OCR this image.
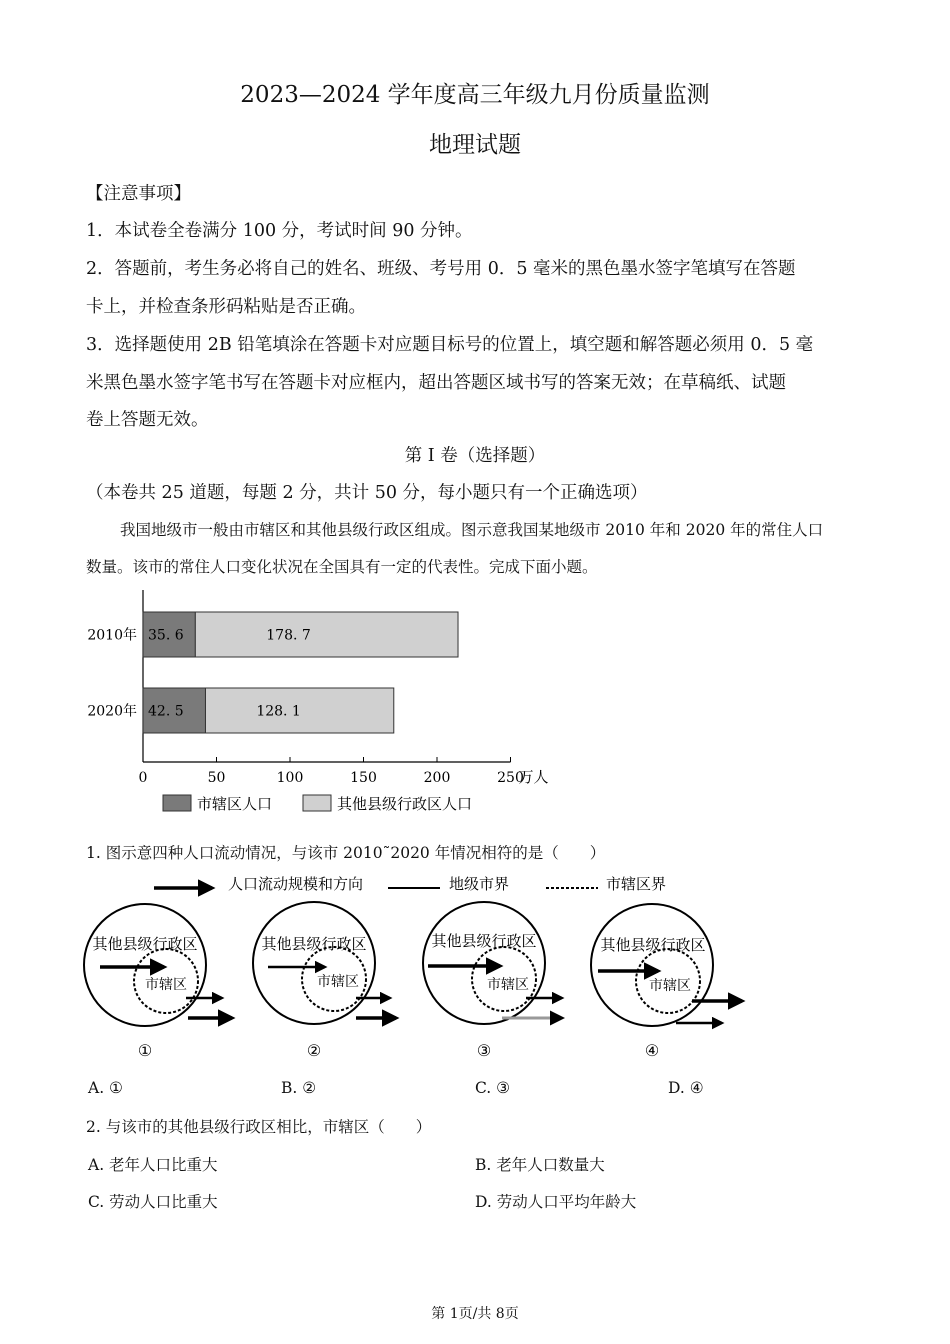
2023—2024 学年度高三年级九月份质量监测
地理试题
【注意事项】
1．本试卷全卷满分 100 分，考试时间 90 分钟。
2．答题前，考生务必将自己的姓名、班级、考号用 0．5 毫米的黑色墨水签字笔填写在答题
卡上，并检查条形码粘贴是否正确。
3．选择题使用 2B 铅笔填涂在答题卡对应题目标号的位置上，填空题和解答题必须用 0．5 毫
米黑色墨水签字笔书写在答题卡对应框内，超出答题区域书写的答案无效；在草稿纸、试题
卷上答题无效。
第 I 卷（选择题）
（本卷共 25 道题，每题 2 分，共计 50 分，每小题只有一个正确选项）
我国地级市一般由市辖区和其他县级行政区组成。图示意我国某地级市 2010 年和 2020 年的常住人口
数量。该市的常住人口变化状况在全国具有一定的代表性。完成下面小题。
0	50	100	150	200	250
万人
2010年 35. 6	178. 7
2020年 42. 5	128. 1
市辖区人口	其他县级行政区人口
1. 图示意四种人口流动情况，与该市 2010˜2020 年情况相符的是（　　）
人口流动规模和方向	地级市界	市辖区界
其他县级行政区
市辖区
①
其他县级行政区
市辖区
②
其他县级行政区
市辖区
③
其他县级行政区
市辖区
④
A. ①	B. ②	C. ③	D. ④
2. 与该市的其他县级行政区相比，市辖区（　　）
A. 老年人口比重大	B. 老年人口数量大
C. 劳动人口比重大	D. 劳动人口平均年龄大
第 1页/共 8页
